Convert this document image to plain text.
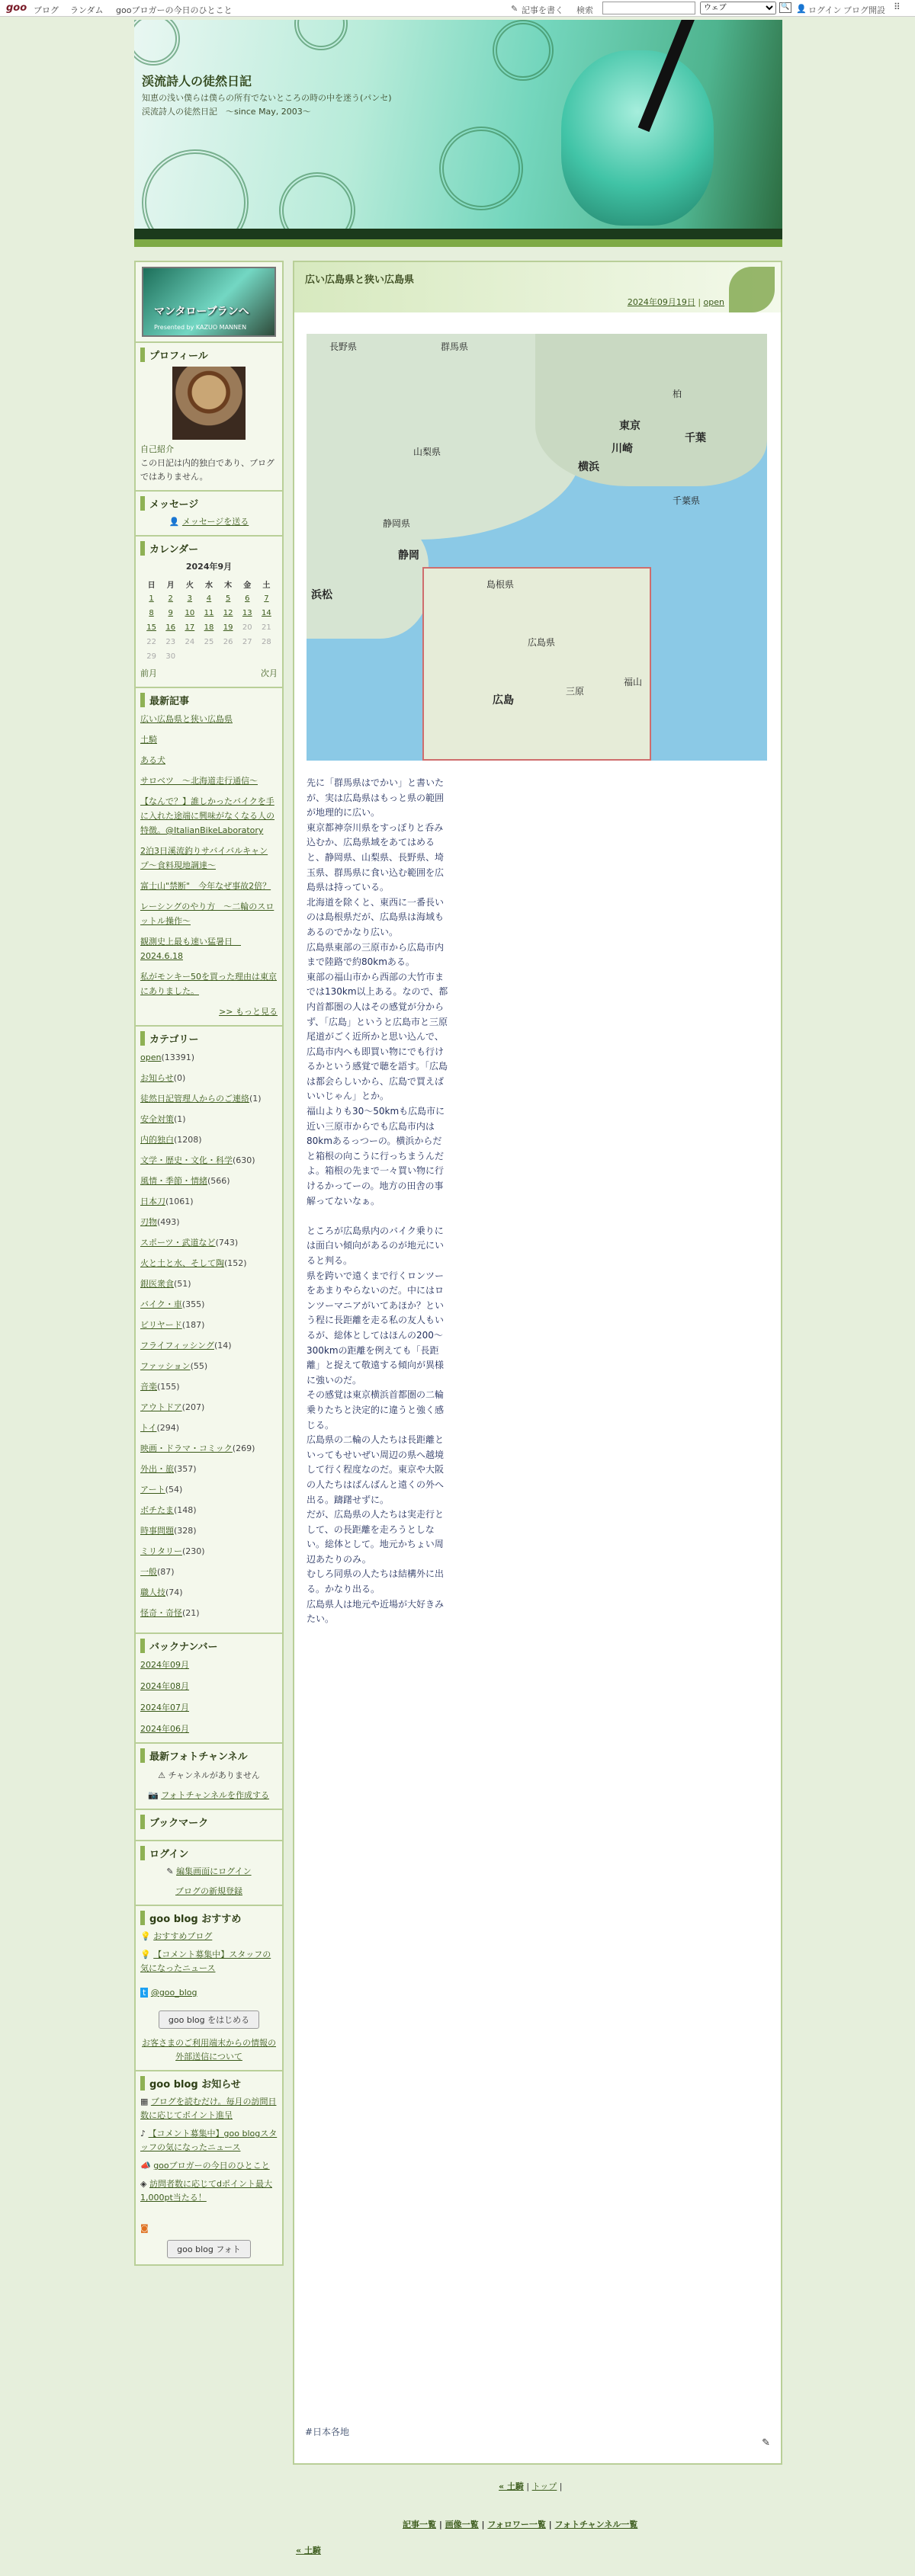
goo ブログ ランダム gooブロガーの今日のひとこと	✎ 記事を書く 検索
ウェブ	🔍 👤 ログイン ブログ開設 ⠿
渓流詩人の徒然日記
知恵の浅い僕らは僕らの所有でないところの時の中を迷う(パンセ)　渓流詩人の徒然日記　～since May, 2003～
マンタローブランへ
Presented by KAZUO MANNEN
プロフィール
自己紹介
この日記は内的独白であり、ブログではありません。
メッセージ
👤 メッセージを送る
カレンダー
2024年9月
日	月	火	水	木	金	土
1	2	3	4	5	6	7
8	9	10	11	12	13	14
15	16	17	18	19	20	21
22	23	24	25	26	27	28
29	30					
前月	次月
最新記事
広い広島県と狭い広島県
土騎
ある犬
サロベツ　〜北海道走行通信〜
【なんで？】誰しかったバイクを手に入れた途端に興味がなくなる人の特徴。@ItalianBikeLaboratory
2泊3日溪流釣りサバイバルキャンプ〜食料現地調達〜
富士山"禁断"　今年なぜ事故2倍？
レーシングのやり方　〜二輪のスロットル操作〜
観測史上最も速い猛暑日　2024.6.18
私がモンキー50を買った理由は東京にありました。
>> もっと見る
カテゴリー
open(13391)
お知らせ(0)
徒然日記管理人からのご連絡(1)
安全対策(1)
内的独白(1208)
文学・歴史・文化・科学(630)
風情・季節・情緒(566)
日本刀(1061)
刃物(493)
スポーツ・武道など(743)
火と土と水、そして陶(152)
銀医衆食(51)
バイク・車(355)
ビリヤード(187)
フライフィッシング(14)
ファッション(55)
音楽(155)
アウトドア(207)
トイ(294)
映画・ドラマ・コミック(269)
外出・旅(357)
アート(54)
ボチたま(148)
時事問題(328)
ミリタリー(230)
一般(87)
職人技(74)
怪奇・奇怪(21)
バックナンバー
2024年09月
2024年08月
2024年07月
2024年06月
最新フォトチャンネル
⚠ チャンネルがありません
📷 フォトチャンネルを作成する
ブックマーク
ログイン
✎ 編集画面にログイン
ブログの新規登録
goo blog おすすめ
💡 おすすめブログ
💡 【コメント募集中】スタッフの気になったニュース
t @goo_blog
goo blog をはじめる
お客さまのご利用端末からの情報の外部送信について
goo blog お知らせ
▦ ブログを読むだけ。毎月の訪問日数に応じてポイント進呈
♪ 【コメント募集中】goo blogスタッフの気になったニュース
📣 gooブロガーの今日のひとこと
◈ 訪問者数に応じてdポイント最大1,000pt当たる！
◙
goo blog フォト
広い広島県と狭い広島県
2024年09月19日 | open
長野県	群馬県
東京
柏
川崎
千葉
横浜
千葉県
山梨県
静岡県
静岡
浜松
島根県
広島県
広島
三原
福山

先に「群馬県はでかい」と書いたが、実は広島県はもっと県の範囲が地理的に広い。

東京都神奈川県をすっぽりと呑み込むか、広島県域をあてはめると、静岡県、山梨県、長野県、埼玉県、群馬県に食い込む範囲を広島県は持っている。

北海道を除くと、東西に一番長いのは島根県だが、広島県は海域もあるのでかなり広い。

広島県東部の三原市から広島市内まで陸路で約80kmある。

東部の福山市から西部の大竹市までは130km以上ある。なので、都内首都圏の人はその感覚が分からず、「広島」というと広島市と三原尾道がごく近所かと思い込んで、広島市内へも即買い物にでも行けるかという感覚で聴を語す。「広島は都会らしいから、広島で買えばいいじゃん」とか。

福山よりも30〜50kmも広島市に近い三原市からでも広島市内は80kmあるっつーの。横浜からだと箱根の向こうに行っちまうんだよ。箱根の先まで一々買い物に行けるかってーの。地方の田舎の事解ってないなぁ。

ところが広島県内のバイク乗りには面白い傾向があるのが地元にいると判る。

県を跨いで遠くまで行くロンツーをあまりやらないのだ。中にはロンツーマニアがいてあほか？という程に長距離を走る私の友人もいるが、総体としてはほんの200〜300kmの距離を例えても「長距離」と捉えて敬遠する傾向が異様に強いのだ。

その感覚は東京横浜首都圏の二輪乗りたちと決定的に違うと強く感じる。

広島県の二輪の人たちは長距離といってもせいぜい周辺の県へ越境して行く程度なのだ。東京や大阪の人たちはばんばんと遠くの外へ出る。躊躇せずに。

だが、広島県の人たちは実走行として、の長距離を走ろうとしない。総体として。地元かちょい周辺あたりのみ。

むしろ同県の人たちは結構外に出る。かなり出る。

広島県人は地元や近場が大好きみたい。

#日本各地
✎
« 土騎 | トップ |
記事一覧 | 画像一覧 | フォロワー一覧 | フォトチャンネル一覧
« 土騎
